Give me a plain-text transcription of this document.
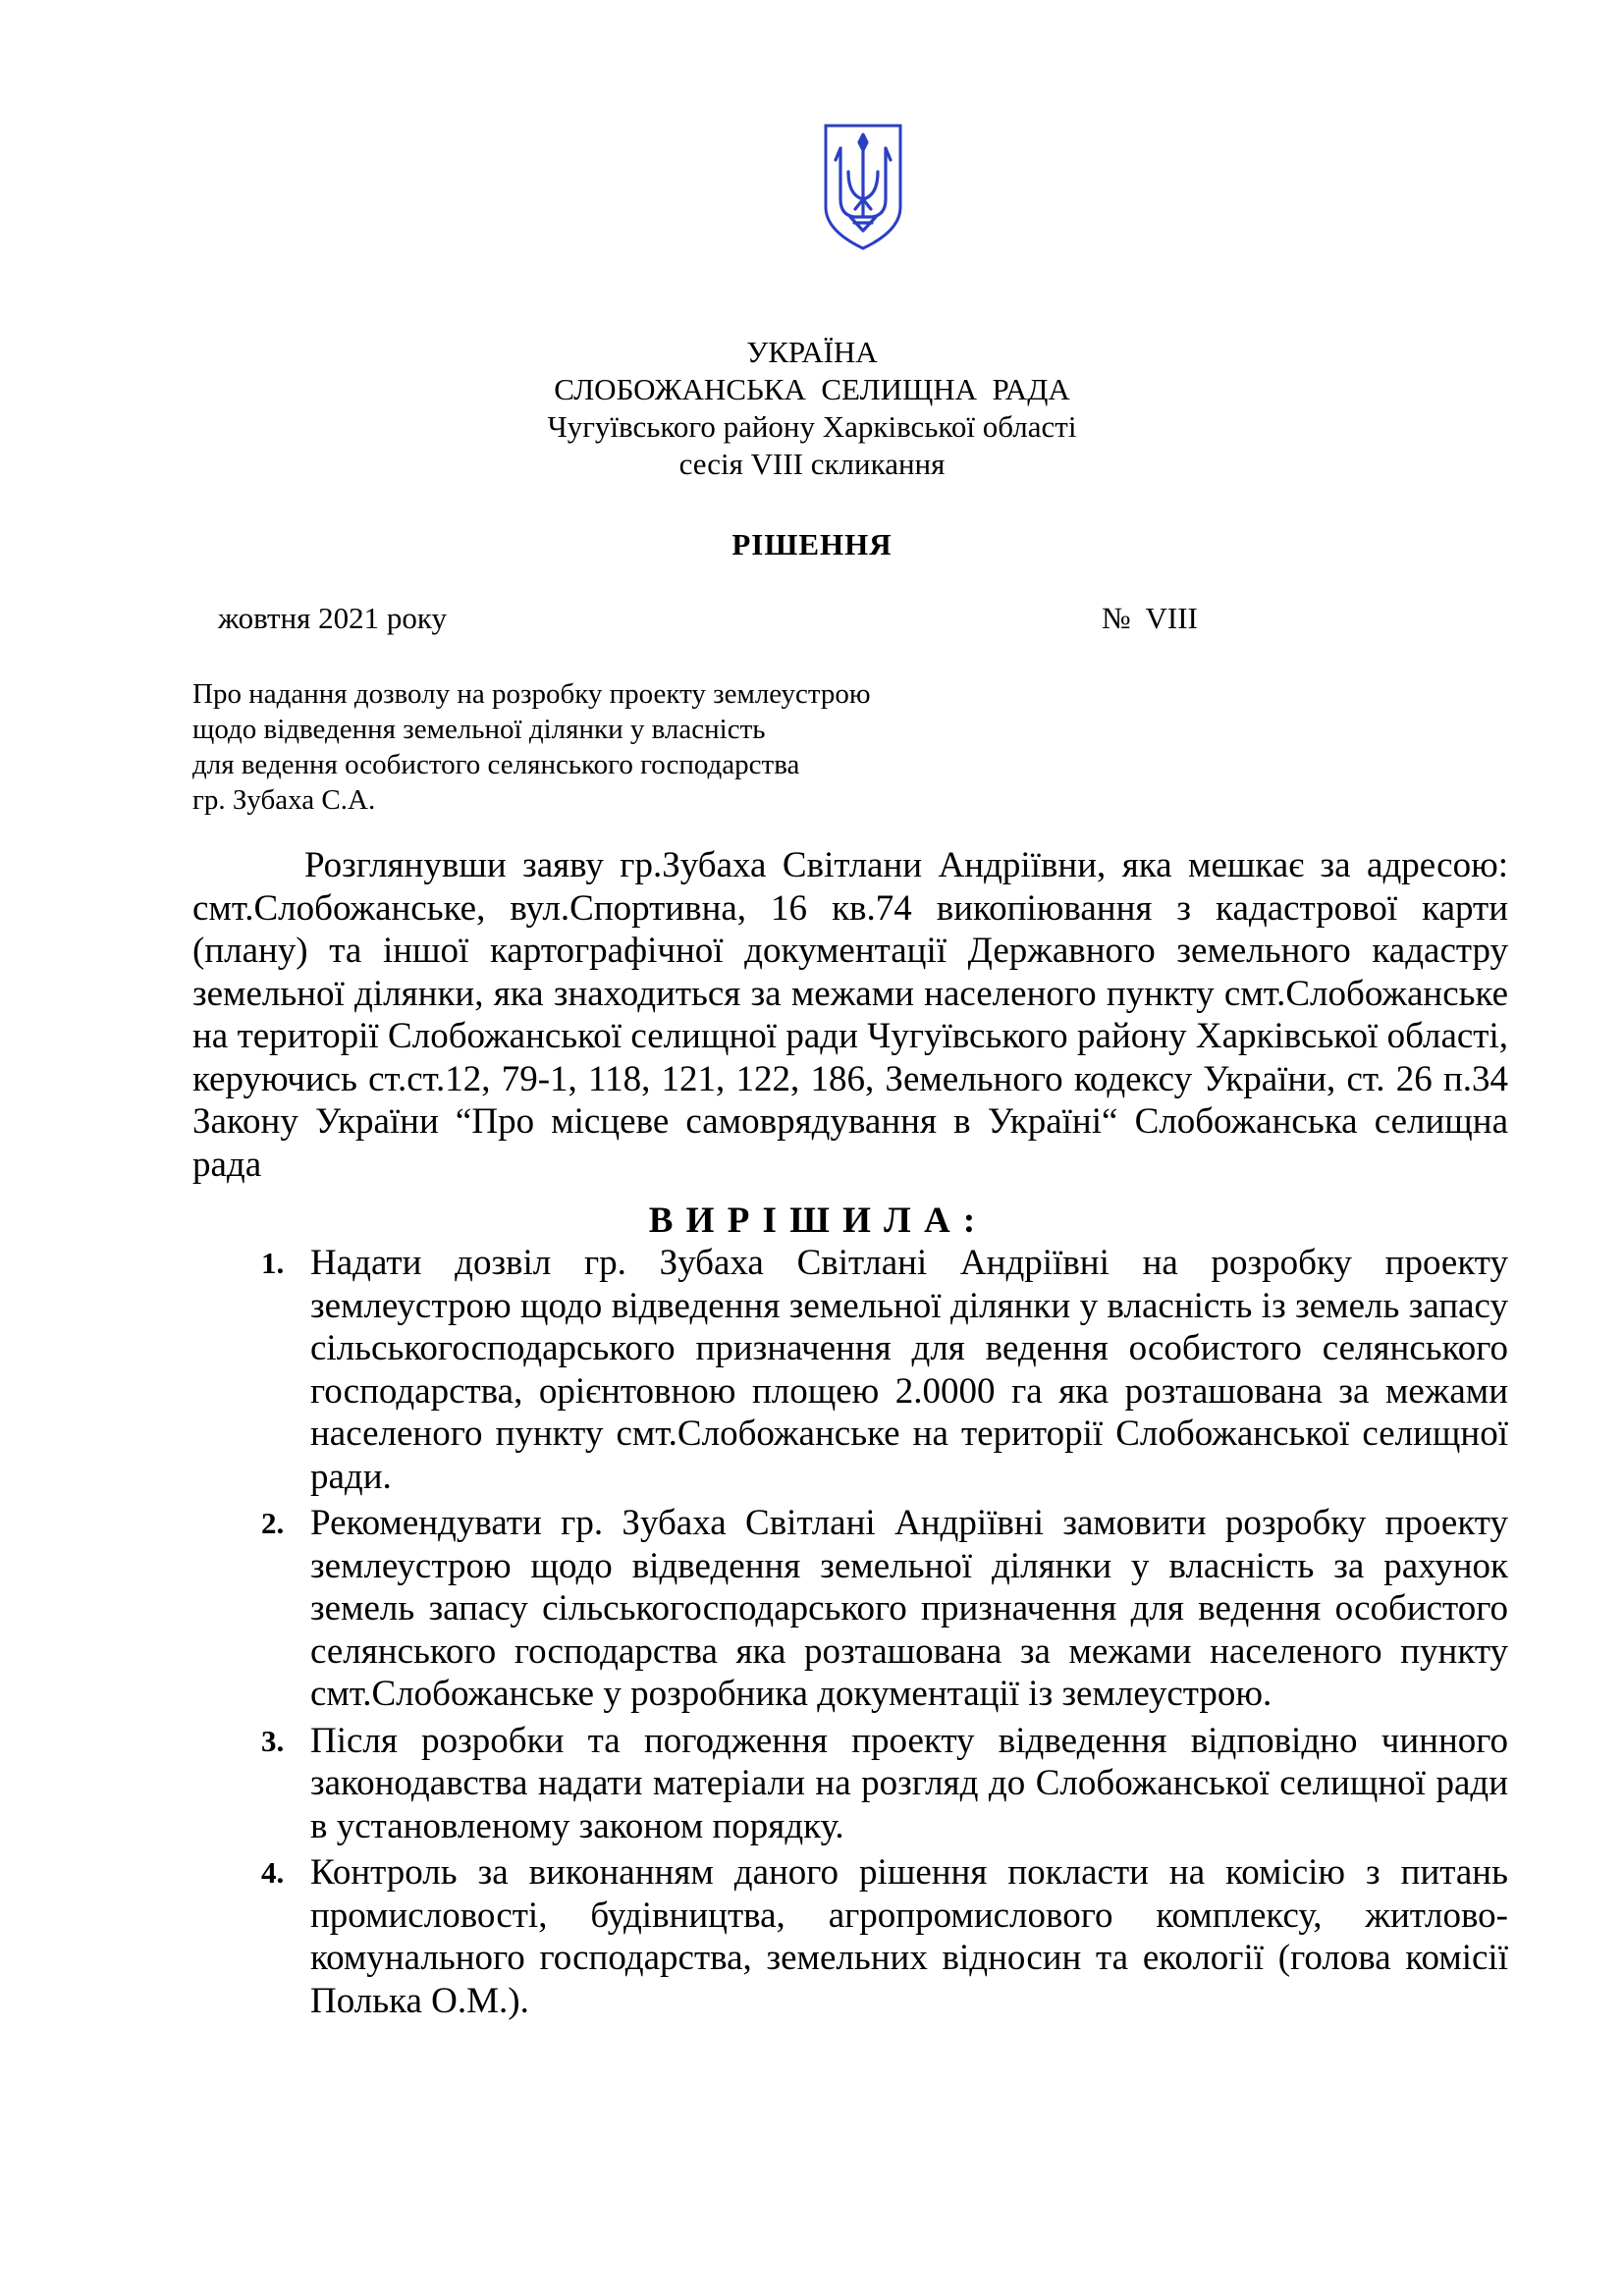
УКРАЇНА
СЛОБОЖАНСЬКА  СЕЛИЩНА  РАДА
Чугуївського району Харківської області
сесія VIII скликання
РІШЕННЯ
жовтня 2021 року	№  VIII
Про надання дозволу на розробку проекту землеустрою
щодо відведення земельної ділянки у власність
для ведення особистого селянського господарства
гр. Зубаха С.А.

Розглянувши заяву гр.Зубаха Світлани Андріївни, яка мешкає за адресою: смт.Слобожанське, вул.Спортивна, 16 кв.74 викопіювання з кадастрової карти (плану) та іншої картографічної документації Державного земельного кадастру земельної ділянки, яка знаходиться за межами населеного пункту смт.Слобожанське на території Слобожанської селищної ради Чугуївського району Харківської області, керуючись ст.ст.12, 79-1, 118, 121, 122, 186, Земельного кодексу України, ст. 26 п.34 Закону України “Про місцеве самоврядування в Україні“ Слобожанська селищна рада

В И Р І Ш И Л А :
1. Надати дозвіл гр. Зубаха Світлані Андріївні на розробку проекту землеустрою щодо відведення земельної ділянки у власність із земель запасу сільськогосподарського призначення для ведення особистого селянського господарства, орієнтовною площею 2.0000 га яка розташована за межами населеного пункту смт.Слобожанське на території Слобожанської селищної ради.
2. Рекомендувати гр. Зубаха Світлані Андріївні замовити розробку проекту землеустрою щодо відведення земельної ділянки у власність за рахунок земель запасу сільськогосподарського призначення для ведення особистого селянського господарства яка розташована за межами населеного пункту смт.Слобожанське у розробника документації із землеустрою.
3. Після розробки та погодження проекту відведення відповідно чинного законодавства надати матеріали на розгляд до Слобожанської селищної ради в установленому законом порядку.
4. Контроль за виконанням даного рішення покласти на комісію з питань промисловості, будівництва, агропромислового комплексу, житлово-комунального господарства, земельних відносин та екології (голова комісії Полька О.М.).
